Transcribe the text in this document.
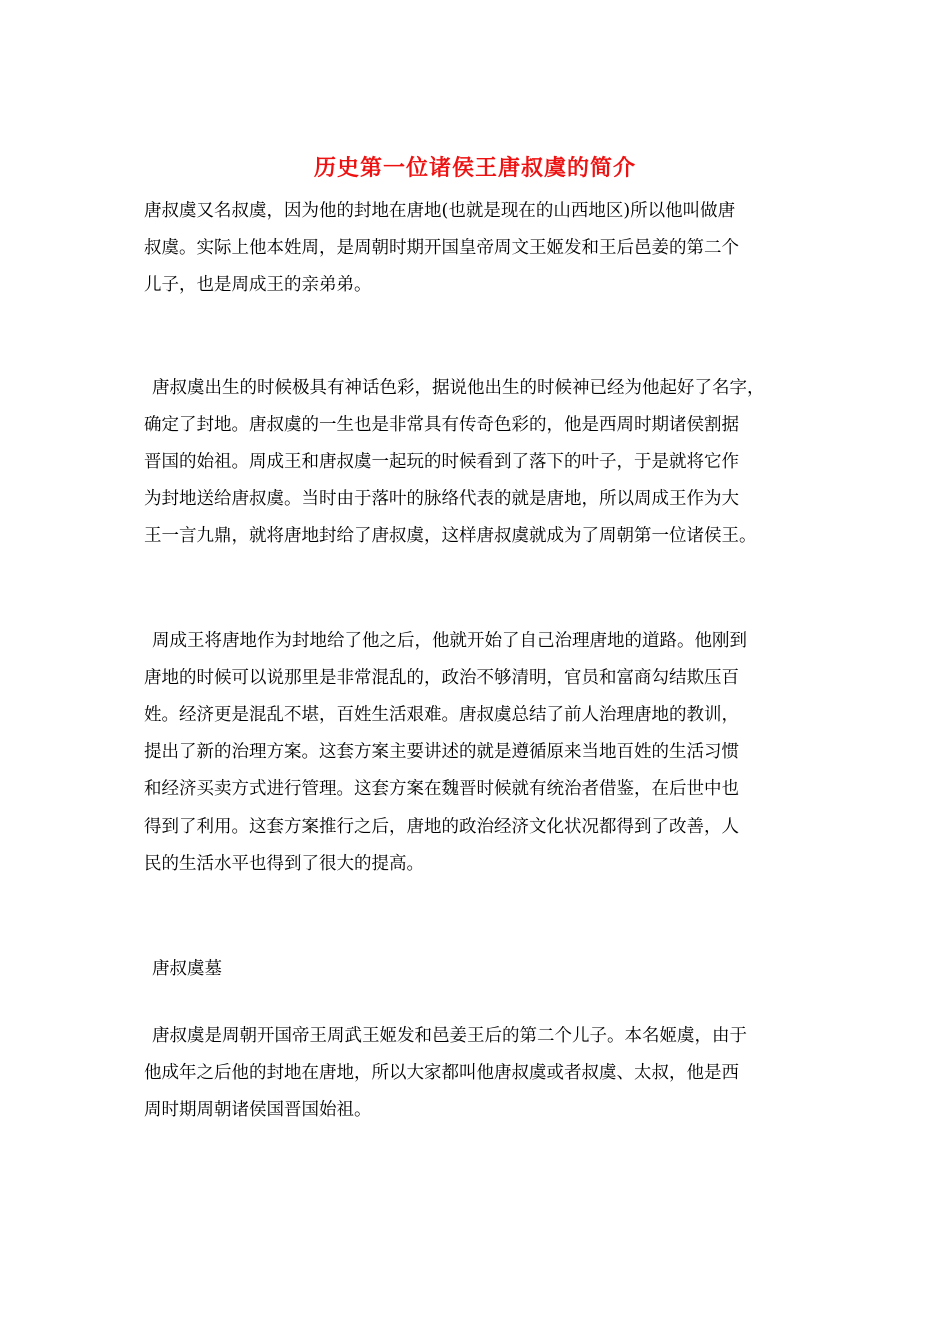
历史第一位诸侯王唐叔虞的简介
唐叔虞又名叔虞，因为他的封地在唐地(也就是现在的山西地区)所以他叫做唐
叔虞。实际上他本姓周，是周朝时期开国皇帝周文王姬发和王后邑姜的第二个
儿子，也是周成王的亲弟弟。
唐叔虞出生的时候极具有神话色彩，据说他出生的时候神已经为他起好了名字，
确定了封地。唐叔虞的一生也是非常具有传奇色彩的，他是西周时期诸侯割据
晋国的始祖。周成王和唐叔虞一起玩的时候看到了落下的叶子，于是就将它作
为封地送给唐叔虞。当时由于落叶的脉络代表的就是唐地，所以周成王作为大
王一言九鼎，就将唐地封给了唐叔虞，这样唐叔虞就成为了周朝第一位诸侯王。
周成王将唐地作为封地给了他之后，他就开始了自己治理唐地的道路。他刚到
唐地的时候可以说那里是非常混乱的，政治不够清明，官员和富商勾结欺压百
姓。经济更是混乱不堪，百姓生活艰难。唐叔虞总结了前人治理唐地的教训，
提出了新的治理方案。这套方案主要讲述的就是遵循原来当地百姓的生活习惯
和经济买卖方式进行管理。这套方案在魏晋时候就有统治者借鉴，在后世中也
得到了利用。这套方案推行之后，唐地的政治经济文化状况都得到了改善，人
民的生活水平也得到了很大的提高。
唐叔虞墓
唐叔虞是周朝开国帝王周武王姬发和邑姜王后的第二个儿子。本名姬虞，由于
他成年之后他的封地在唐地，所以大家都叫他唐叔虞或者叔虞、太叔，他是西
周时期周朝诸侯国晋国始祖。
